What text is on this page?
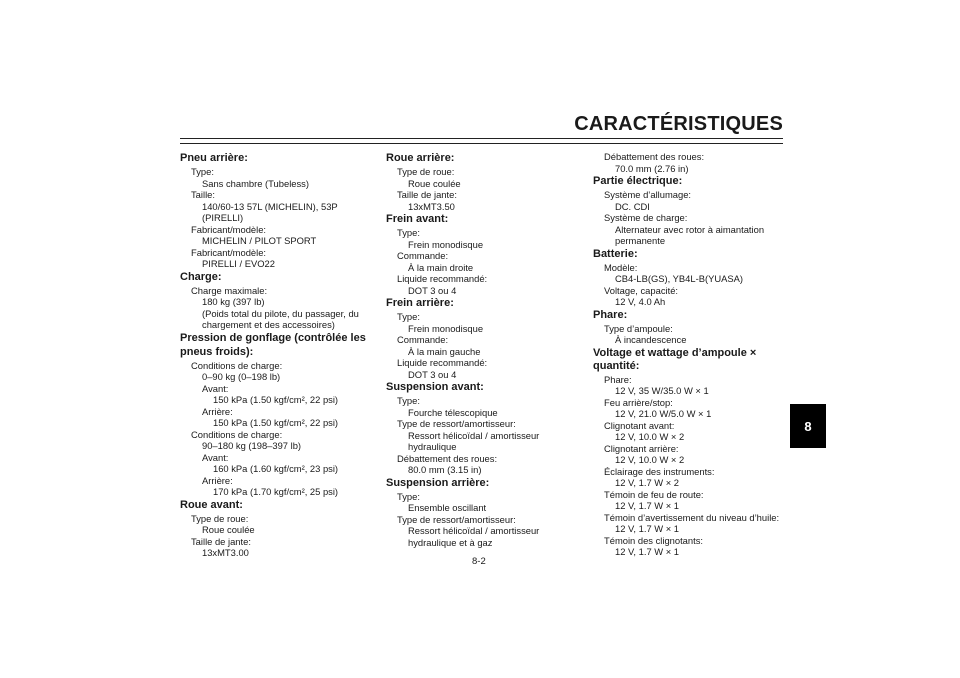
CARACTÉRISTIQUES
Pneu arrière:
Type:
Sans chambre (Tubeless)
Taille:
140/60-13 57L (MICHELIN), 53P (PIRELLI)
Fabricant/modèle:
MICHELIN / PILOT SPORT
Fabricant/modèle:
PIRELLI / EVO22
Charge:
Charge maximale:
180 kg (397 lb)
(Poids total du pilote, du passager, du
chargement et des accessoires)
Pression de gonflage (contrôlée les
pneus froids):
Conditions de charge:
0–90 kg (0–198 lb)
Avant:
150 kPa (1.50 kgf/cm², 22 psi)
Arrière:
150 kPa (1.50 kgf/cm², 22 psi)
Conditions de charge:
90–180 kg (198–397 lb)
Avant:
160 kPa (1.60 kgf/cm², 23 psi)
Arrière:
170 kPa (1.70 kgf/cm², 25 psi)
Roue avant:
Type de roue:
Roue coulée
Taille de jante:
13xMT3.00
Roue arrière:
Type de roue:
Roue coulée
Taille de jante:
13xMT3.50
Frein avant:
Type:
Frein monodisque
Commande:
À la main droite
Liquide recommandé:
DOT 3 ou 4
Frein arrière:
Type:
Frein monodisque
Commande:
À la main gauche
Liquide recommandé:
DOT 3 ou 4
Suspension avant:
Type:
Fourche télescopique
Type de ressort/amortisseur:
Ressort hélicoïdal / amortisseur
hydraulique
Débattement des roues:
80.0 mm (3.15 in)
Suspension arrière:
Type:
Ensemble oscillant
Type de ressort/amortisseur:
Ressort hélicoïdal / amortisseur
hydraulique et à gaz
Débattement des roues:
70.0 mm (2.76 in)
Partie électrique:
Système d’allumage:
DC. CDI
Système de charge:
Alternateur avec rotor à aimantation
permanente
Batterie:
Modèle:
CB4-LB(GS), YB4L-B(YUASA)
Voltage, capacité:
12 V, 4.0 Ah
Phare:
Type d’ampoule:
À incandescence
Voltage et wattage d’ampoule × quantité:
Phare:
12 V, 35 W/35.0 W × 1
Feu arrière/stop:
12 V, 21.0 W/5.0 W × 1
Clignotant avant:
12 V, 10.0 W × 2
Clignotant arrière:
12 V, 10.0 W × 2
Éclairage des instruments:
12 V, 1.7 W × 2
Témoin de feu de route:
12 V, 1.7 W × 1
Témoin d’avertissement du niveau d’huile:
12 V, 1.7 W × 1
Témoin des clignotants:
12 V, 1.7 W × 1
8
8-2
